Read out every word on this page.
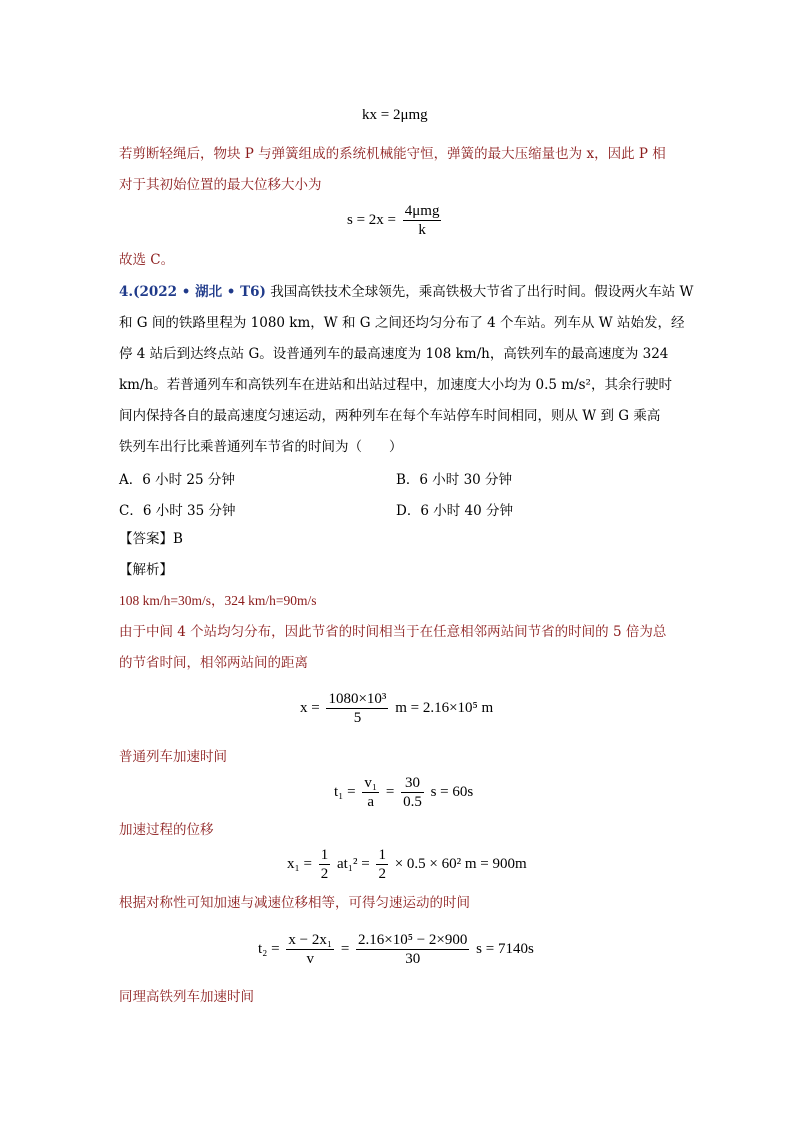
kx = 2μmg
若剪断轻绳后，物块 P 与弹簧组成的系统机械能守恒，弹簧的最大压缩量也为 x，因此 P 相
对于其初始位置的最大位移大小为
$s = 2x = \frac{\text{4μmg}}{k}$
故选 C。
4.(2022 • 湖北 • T6) 我国高铁技术全球领先，乘高铁极大节省了出行时间。假设两火车站 W
和 G 间的铁路里程为 1080 km，W 和 G 之间还均匀分布了 4 个车站。列车从 W 站始发，经
停 4 站后到达终点站 G。设普通列车的最高速度为 108 km/h，高铁列车的最高速度为 324
km/h。若普通列车和高铁列车在进站和出站过程中，加速度大小均为 0.5 m/s²，其余行驶时
间内保持各自的最高速度匀速运动，两种列车在每个车站停车时间相同，则从 W 到 G 乘高
铁列车出行比乘普通列车节省的时间为（　　）
A．6 小时 25 分钟	B．6 小时 30 分钟
C．6 小时 35 分钟	D．6 小时 40 分钟
【答案】B
【解析】
108 km/h=30m/s，324 km/h=90m/s
由于中间 4 个站均匀分布，因此节省的时间相当于在任意相邻两站间节省的时间的 5 倍为总
的节省时间，相邻两站间的距离
$x = \frac{\text{1080×10³}}{5}$ m = 2.16×10⁵ m
普通列车加速时间
$t_1 = \frac{\text{v₁}}{a} = \frac{30}{0.5}$ s = 60s
加速过程的位移
$x_1 = \frac{1}{2} at_1^2 = \frac{1}{2} \times 0.5 \times 60^2$ m = 900m
根据对称性可知加速与减速位移相等，可得匀速运动的时间
$t_2 = \frac{\text{x − 2x₁}}{v} = \frac{\text{2.16×10⁵ − 2×900}}{30}$ s = 7140s
同理高铁列车加速时间
